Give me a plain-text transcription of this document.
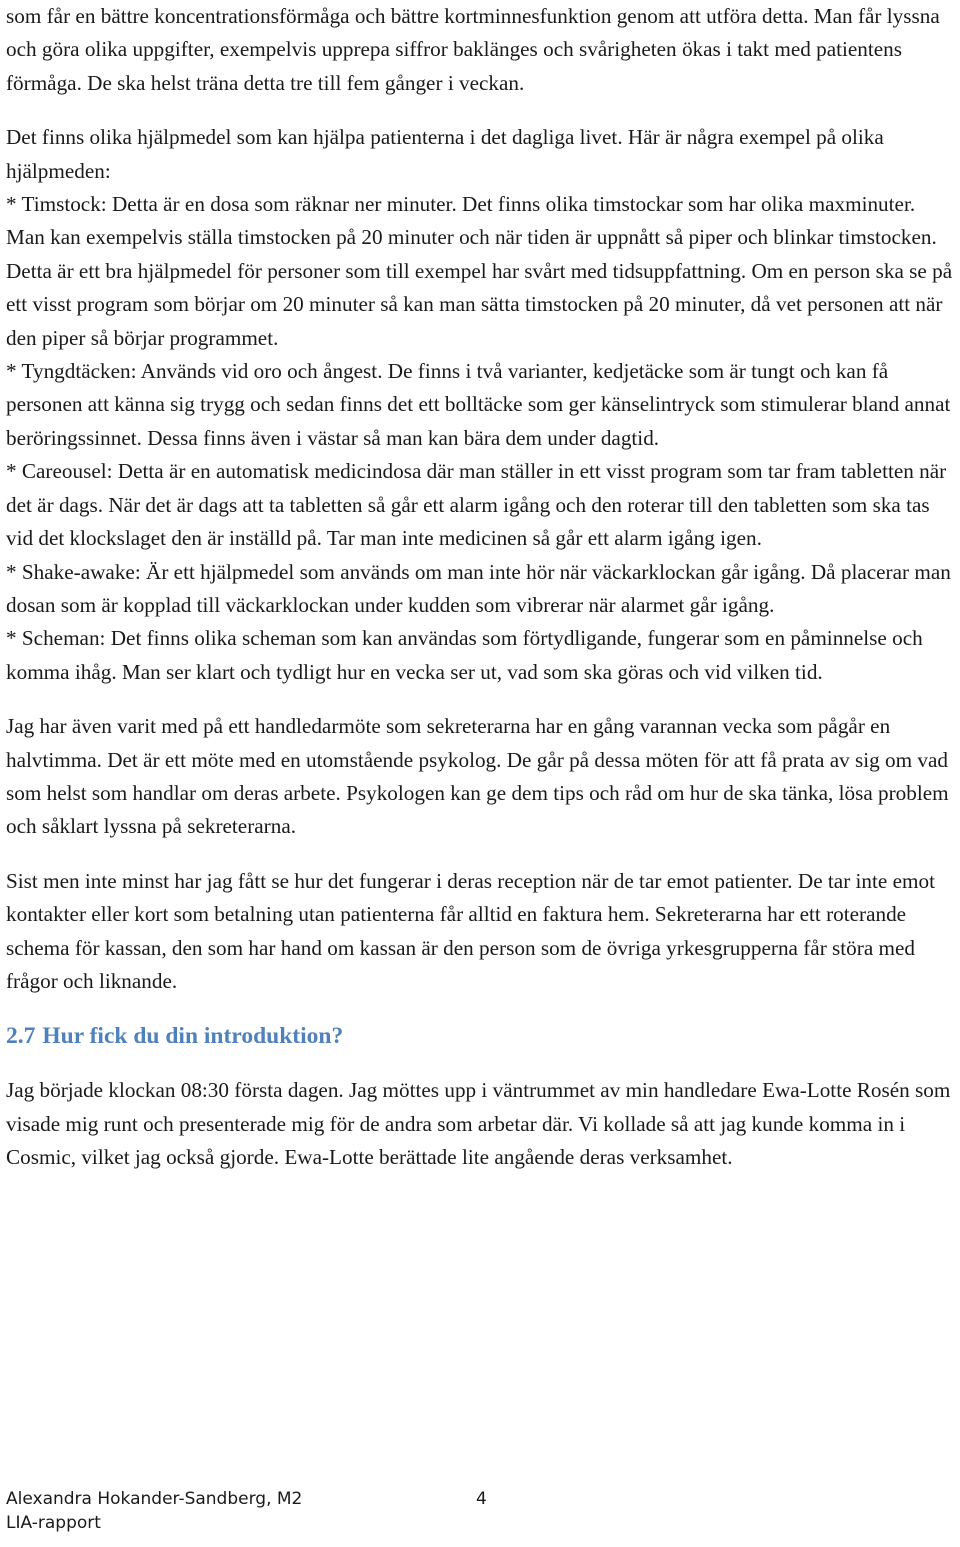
som får en bättre koncentrationsförmåga och bättre kortminnesfunktion genom att utföra detta. Man får lyssna och göra olika uppgifter, exempelvis upprepa siffror baklänges och svårigheten ökas i takt med patientens förmåga. De ska helst träna detta tre till fem gånger i veckan.

Det finns olika hjälpmedel som kan hjälpa patienterna i det dagliga livet. Här är några exempel på olika hjälpmeden:

* Timstock: Detta är en dosa som räknar ner minuter. Det finns olika timstockar som har olika maxminuter. Man kan exempelvis ställa timstocken på 20 minuter och när tiden är uppnått så piper och blinkar timstocken. Detta är ett bra hjälpmedel för personer som till exempel har svårt med tidsuppfattning. Om en person ska se på ett visst program som börjar om 20 minuter så kan man sätta timstocken på 20 minuter, då vet personen att när den piper så börjar programmet.

* Tyngdtäcken: Används vid oro och ångest. De finns i två varianter, kedjetäcke som är tungt och kan få personen att känna sig trygg och sedan finns det ett bolltäcke som ger känselintryck som stimulerar bland annat beröringssinnet. Dessa finns även i västar så man kan bära dem under dagtid.

* Careousel: Detta är en automatisk medicindosa där man ställer in ett visst program som tar fram tabletten när det är dags. När det är dags att ta tabletten så går ett alarm igång och den roterar till den tabletten som ska tas vid det klockslaget den är inställd på. Tar man inte medicinen så går ett alarm igång igen.

* Shake-awake: Är ett hjälpmedel som används om man inte hör när väckarklockan går igång. Då placerar man dosan som är kopplad till väckarklockan under kudden som vibrerar när alarmet går igång.

* Scheman: Det finns olika scheman som kan användas som förtydligande, fungerar som en påminnelse och komma ihåg. Man ser klart och tydligt hur en vecka ser ut, vad som ska göras och vid vilken tid.

Jag har även varit med på ett handledarmöte som sekreterarna har en gång varannan vecka som pågår en halvtimma. Det är ett möte med en utomstående psykolog. De går på dessa möten för att få prata av sig om vad som helst som handlar om deras arbete. Psykologen kan ge dem tips och råd om hur de ska tänka, lösa problem och såklart lyssna på sekreterarna.

Sist men inte minst har jag fått se hur det fungerar i deras reception när de tar emot patienter. De tar inte emot kontakter eller kort som betalning utan patienterna får alltid en faktura hem. Sekreterarna har ett roterande schema för kassan, den som har hand om kassan är den person som de övriga yrkesgrupperna får störa med frågor och liknande.

2.7 Hur fick du din introduktion?

Jag började klockan 08:30 första dagen. Jag möttes upp i väntrummet av min handledare Ewa-Lotte Rosén som visade mig runt och presenterade mig för de andra som arbetar där. Vi kollade så att jag kunde komma in i Cosmic, vilket jag också gjorde. Ewa-Lotte berättade lite angående deras verksamhet.

Alexandra Hokander-Sandberg, M2	4
LIA-rapport
